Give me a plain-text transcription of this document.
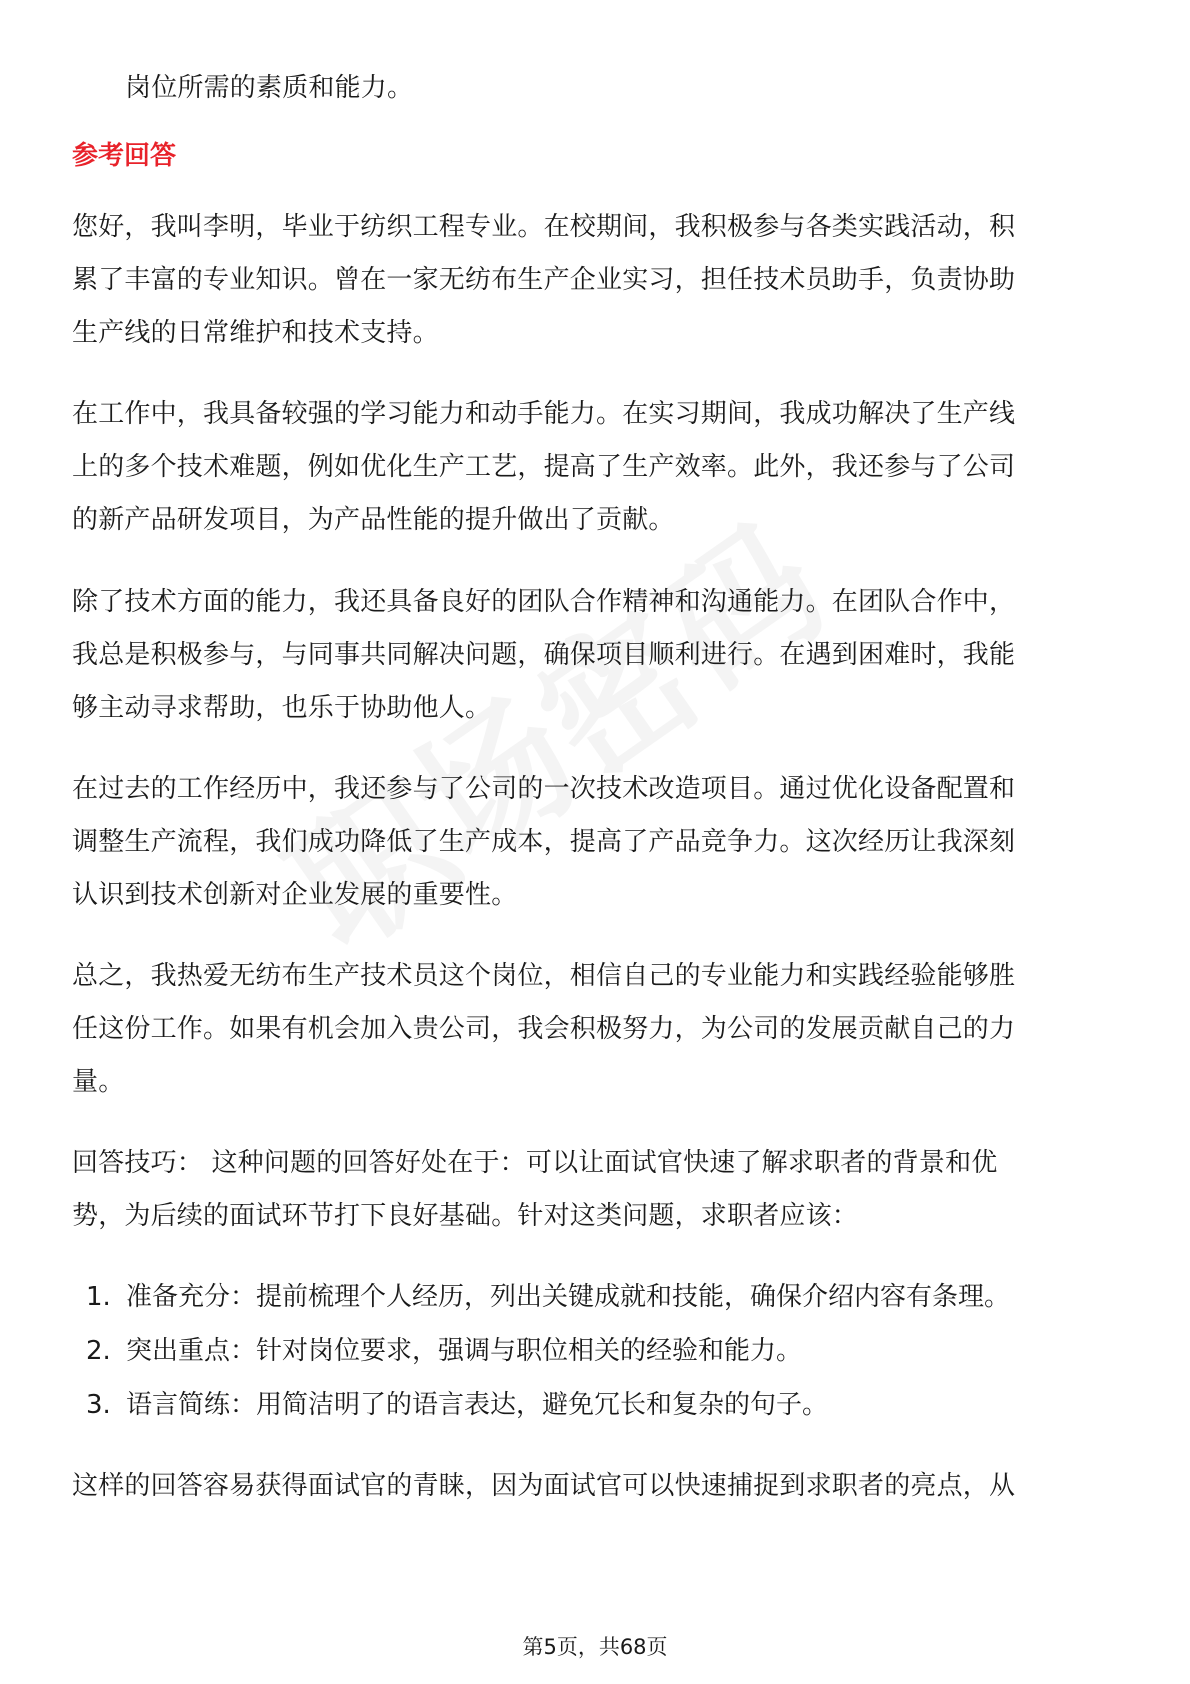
岗位所需的素质和能力。
参考回答
您好，我叫李明，毕业于纺织工程专业。在校期间，我积极参与各类实践活动，积
累了丰富的专业知识。曾在一家无纺布生产企业实习，担任技术员助手，负责协助
生产线的日常维护和技术支持。
在工作中，我具备较强的学习能力和动手能力。在实习期间，我成功解决了生产线
上的多个技术难题，例如优化生产工艺，提高了生产效率。此外，我还参与了公司
的新产品研发项目，为产品性能的提升做出了贡献。
除了技术方面的能力，我还具备良好的团队合作精神和沟通能力。在团队合作中，
我总是积极参与，与同事共同解决问题，确保项目顺利进行。在遇到困难时，我能
够主动寻求帮助，也乐于协助他人。
在过去的工作经历中，我还参与了公司的一次技术改造项目。通过优化设备配置和
调整生产流程，我们成功降低了生产成本，提高了产品竞争力。这次经历让我深刻
认识到技术创新对企业发展的重要性。
总之，我热爱无纺布生产技术员这个岗位，相信自己的专业能力和实践经验能够胜
任这份工作。如果有机会加入贵公司，我会积极努力，为公司的发展贡献自己的力
量。
回答技巧： 这种问题的回答好处在于：可以让面试官快速了解求职者的背景和优
势，为后续的面试环节打下良好基础。针对这类问题，求职者应该：
1. 准备充分：提前梳理个人经历，列出关键成就和技能，确保介绍内容有条理。
2. 突出重点：针对岗位要求，强调与职位相关的经验和能力。
3. 语言简练：用简洁明了的语言表达，避免冗长和复杂的句子。
这样的回答容易获得面试官的青睐，因为面试官可以快速捕捉到求职者的亮点，从
第5页，共68页
